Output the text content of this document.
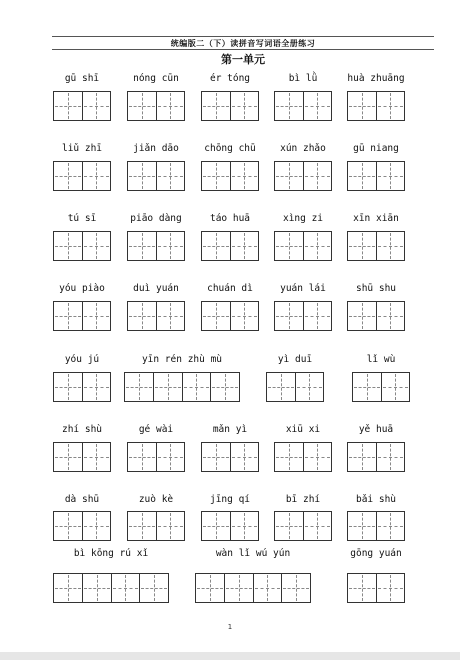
统编版二（下）读拼音写词语全册练习
第一单元
gū shī	nóng cūn	ér tóng	bì lǜ	huà zhuāng
liǔ zhī	jiǎn dāo	chōng chū	xún zhǎo	gū niang
tú sī	piāo dàng	táo huā	xìng zi	xīn xiān
yóu piào	duì yuán	chuán dì	yuán lái	shū shu
yóu jú	yīn rén zhù mù	yì duī	lǐ wù
zhí shù	gé wài	mǎn yì	xiū xi	yě huā
dà shū	zuò kè	jīng qí	bī zhí	bǎi shù
bì kōng rú xǐ	wàn lǐ wú yún	gōng yuán
1
